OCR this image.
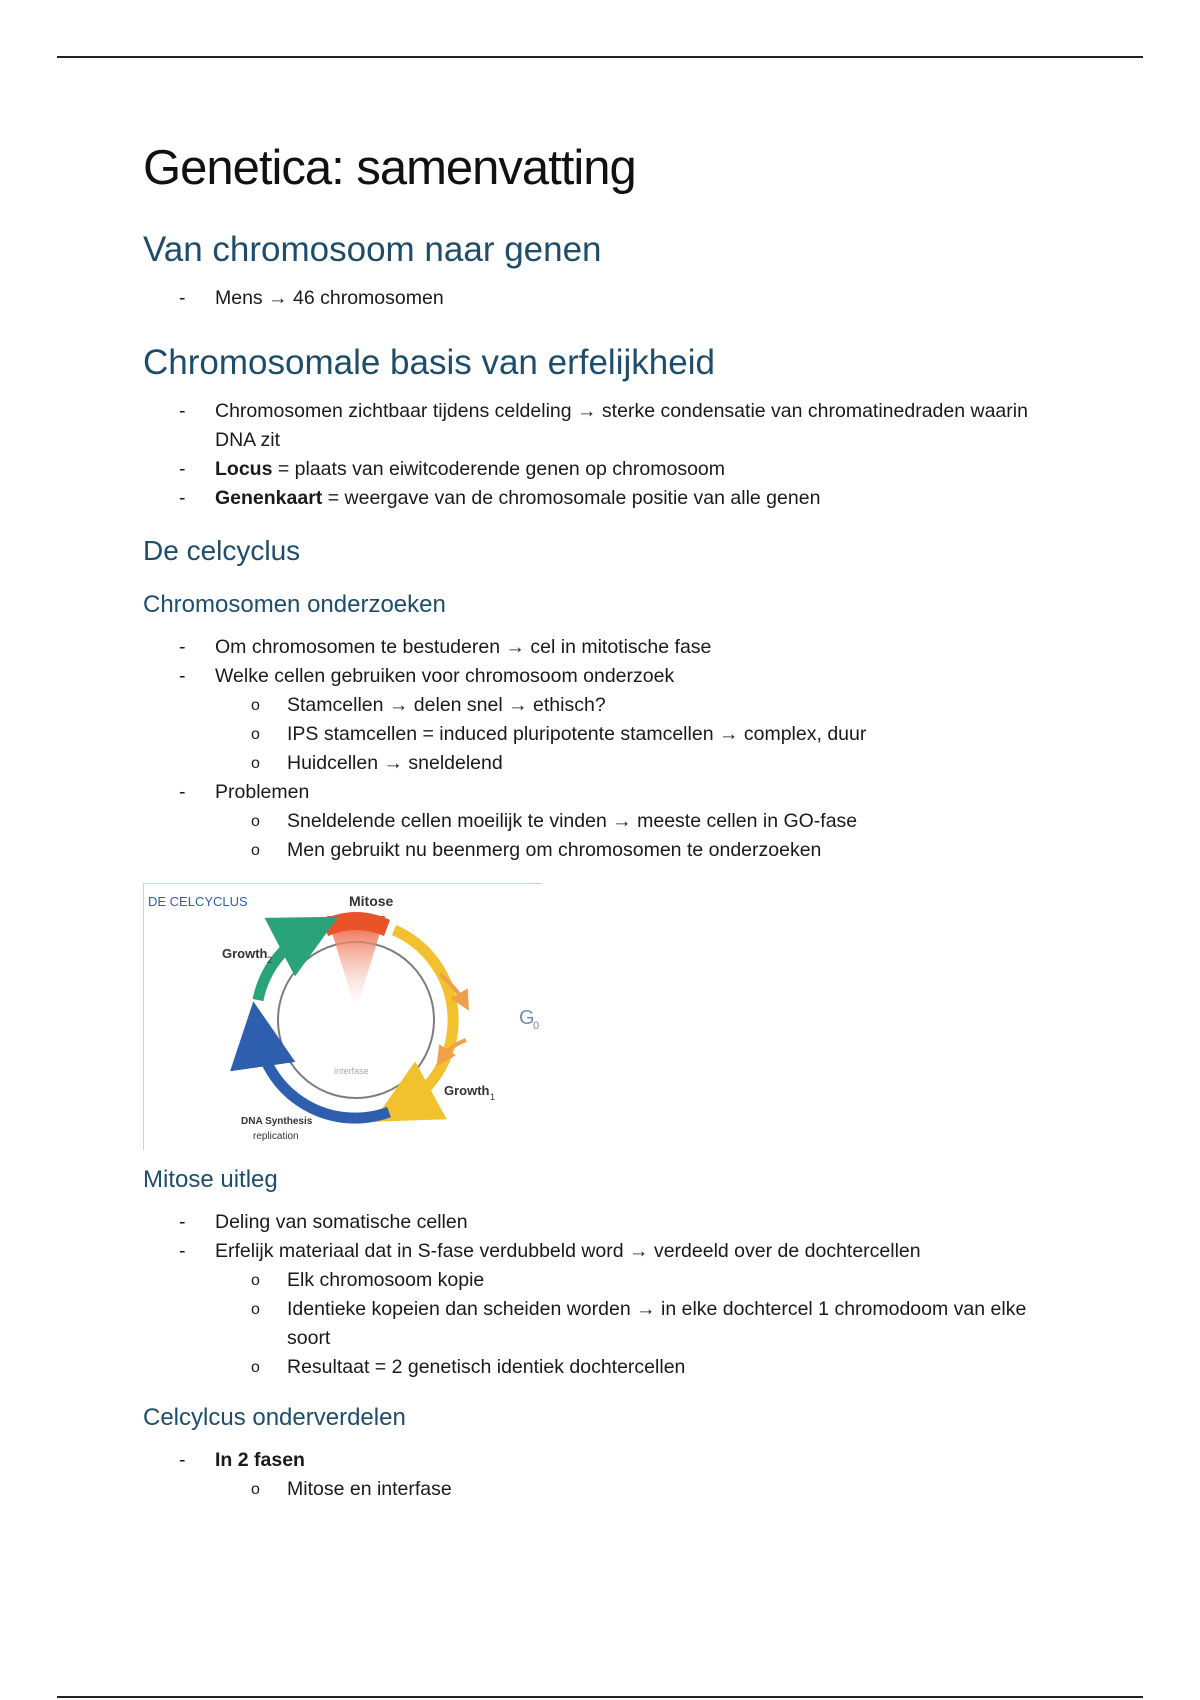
Genetica: samenvatting
Van chromosoom naar genen
- Mens → 46 chromosomen
Chromosomale basis van erfelijkheid
- Chromosomen zichtbaar tijdens celdeling → sterke condensatie van chromatinedraden waarin DNA zit
- Locus = plaats van eiwitcoderende genen op chromosoom
- Genenkaart = weergave van de chromosomale positie van alle genen
De celcyclus
Chromosomen onderzoeken
- Om chromosomen te bestuderen → cel in mitotische fase
- Welke cellen gebruiken voor chromosoom onderzoek
o Stamcellen → delen snel → ethisch?
o IPS stamcellen = induced pluripotente stamcellen → complex, duur
o Huidcellen → sneldelend
- Problemen
o Sneldelende cellen moeilijk te vinden → meeste cellen in GO-fase
o Men gebruikt nu beenmerg om chromosomen te onderzoeken
DE CELCYCLUS	Mitose
Growth 2
G
0
Growth 1
interfase
DNA Synthesis
replication
Mitose uitleg
- Deling van somatische cellen
- Erfelijk materiaal dat in S-fase verdubbeld word → verdeeld over de dochtercellen
o Elk chromosoom kopie
o Identieke kopeien dan scheiden worden → in elke dochtercel 1 chromodoom van elke soort
o Resultaat = 2 genetisch identiek dochtercellen
Celcylcus onderverdelen
- In 2 fasen
o Mitose en interfase
